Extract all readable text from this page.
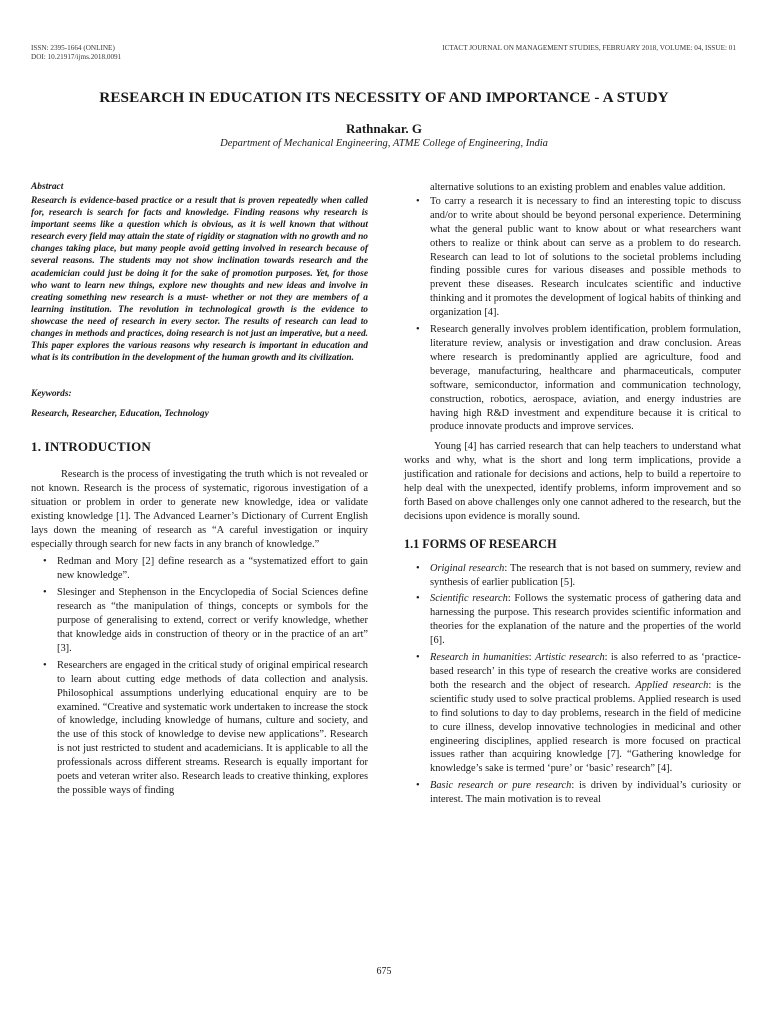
ISSN: 2395-1664 (ONLINE)
DOI: 10.21917/ijms.2018.0091
ICTACT JOURNAL ON MANAGEMENT STUDIES, FEBRUARY 2018, VOLUME: 04, ISSUE: 01
RESEARCH IN EDUCATION ITS NECESSITY OF AND IMPORTANCE - A STUDY
Rathnakar. G
Department of Mechanical Engineering, ATME College of Engineering, India
Abstract

Research is evidence-based practice or a result that is proven repeatedly when called for, research is search for facts and knowledge. Finding reasons why research is important seems like a question which is obvious, as it is well known that without research every field may attain the state of rigidity or stagnation with no growth and no changes taking place, but many people avoid getting involved in research because of several reasons. The students may not show inclination towards research and the academician could just be doing it for the sake of promotion purposes. Yet, for those who want to learn new things, explore new thoughts and new ideas and involve in creating something new research is a must- whether or not they are members of a learning institution. The revolution in technological growth is the evidence to showcase the need of research in every sector. The results of research can lead to changes in methods and practices, doing research is not just an imperative, but a need. This paper explores the various reasons why research is important in education and what is its contribution in the development of the human growth and its civilization.

Keywords:
Research, Researcher, Education, Technology
1. INTRODUCTION

Research is the process of investigating the truth which is not revealed or not known. Research is the process of systematic, rigorous investigation of a situation or problem in order to generate new knowledge, idea or validate existing knowledge [1]. The Advanced Learner’s Dictionary of Current English lays down the meaning of research as “A careful investigation or inquiry especially through search for new facts in any branch of knowledge.”

• Redman and Mory [2] define research as a “systematized effort to gain new knowledge”.
• Slesinger and Stephenson in the Encyclopedia of Social Sciences define research as “the manipulation of things, concepts or symbols for the purpose of generalising to extend, correct or verify knowledge, whether that knowledge aids in construction of theory or in the practice of an art” [3].
• Researchers are engaged in the critical study of original empirical research to learn about cutting edge methods of data collection and analysis. Philosophical assumptions underlying educational enquiry are to be examined. “Creative and systematic work undertaken to increase the stock of knowledge, including knowledge of humans, culture and society, and the use of this stock of knowledge to devise new applications”. Research is not just restricted to student and academicians. It is applicable to all the professionals across different streams. Research is equally important for poets and veteran writer also. Research leads to creative thinking, explores the possible ways of finding

alternative solutions to an existing problem and enables value addition.

• To carry a research it is necessary to find an interesting topic to discuss and/or to write about should be beyond personal experience. Determining what the general public want to know about or what researchers want others to realize or think about can serve as a problem to do research. Research can lead to lot of solutions to the societal problems including finding possible cures for various diseases and possible methods to prevent these diseases. Research inculcates scientific and inductive thinking and it promotes the development of logical habits of thinking and organization [4].
• Research generally involves problem identification, problem formulation, literature review, analysis or investigation and draw conclusion. Areas where research is predominantly applied are agriculture, food and beverage, manufacturing, healthcare and pharmaceuticals, computer software, semiconductor, information and communication technology, construction, robotics, aerospace, aviation, and energy industries are having high R&D investment and expenditure because it is critical to produce innovate products and improve services.

Young [4] has carried research that can help teachers to understand what works and why, what is the short and long term implications, provide a justification and rationale for decisions and actions, help to build a repertoire to help deal with the unexpected, identify problems, inform improvement and so forth Based on above challenges only one cannot adhered to the research, but the decisions upon evidence is morally sound.

1.1 FORMS OF RESEARCH
• Original research: The research that is not based on summery, review and synthesis of earlier publication [5].
• Scientific research: Follows the systematic process of gathering data and harnessing the purpose. This research provides scientific information and theories for the explanation of the nature and the properties of the world [6].
• Research in humanities: Artistic research: is also referred to as ‘practice-based research’ in this type of research the creative works are considered both the research and the object of research. Applied research: is the scientific study used to solve practical problems. Applied research is used to find solutions to day to day problems, research in the field of medicine to cure illness, develop innovative technologies in medicinal and other engineering disciplines, applied research is more focused on practical issues rather than acquiring knowledge [7]. “Gathering knowledge for knowledge’s sake is termed ‘pure’ or ‘basic’ research” [4].
• Basic research or pure research: is driven by individual’s curiosity or interest. The main motivation is to reveal
675
